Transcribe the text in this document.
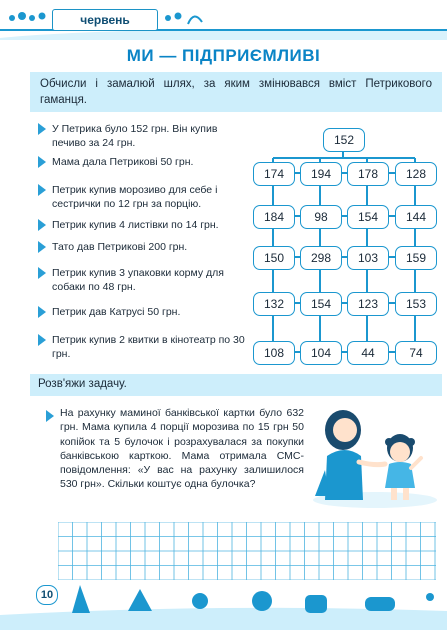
червень
МИ — ПІДПРИЄМЛИВІ
Обчисли і замалюй шлях, за яким змінювався вміст Петрикового гаманця.
У Петрика було 152 грн. Він купив печиво за 24 грн.
Мама дала Петрикові 50 грн.
Петрик купив морозиво для себе і сестрички по 12 грн за порцію.
Петрик купив 4 листівки по 14 грн.
Тато дав Петрикові 200 грн.
Петрик купив 3 упаковки корму для собаки по 48 грн.
Петрик дав Катрусі 50 грн.
Петрик купив 2 квитки в кінотеатр по 30 грн.
152
174	194	178	128
184	98	154	144
150	298	103	159
132	154	123	153
108	104	44	74
Розв'яжи задачу.
На рахунку маминої банківської картки було 632 грн. Мама купила 4 порції морозива по 15 грн 50 копійок та 5 булочок і розрахувалася за покупки банківською карткою. Мама отримала СМС-повідомлення: «У вас на рахунку залишилося 530 грн». Скільки коштує одна булочка?
10
